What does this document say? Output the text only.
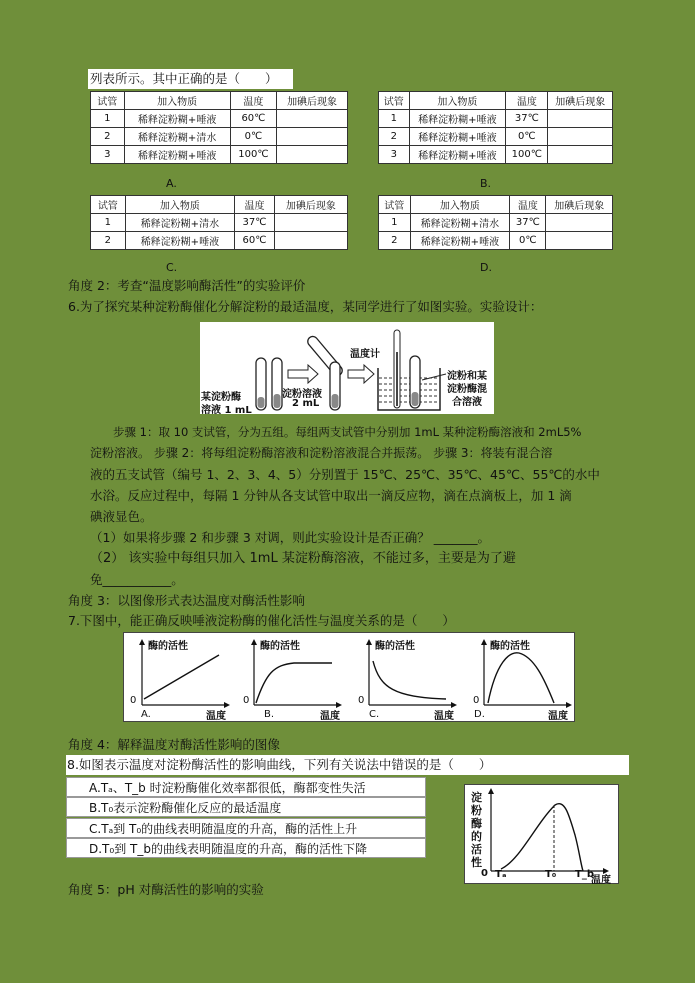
列表所示。其中正确的是（　　）
试管	加入物质	温度	加碘后现象
1	稀释淀粉糊+唾液	60℃	
2	稀释淀粉糊+清水	0℃	
3	稀释淀粉糊+唾液	100℃	
A.
试管	加入物质	温度	加碘后现象
1	稀释淀粉糊+唾液	37℃	
2	稀释淀粉糊+唾液	0℃	
3	稀释淀粉糊+唾液	100℃	
B.
试管	加入物质	温度	加碘后现象
1	稀释淀粉糊+清水	37℃	
2	稀释淀粉糊+唾液	60℃	
C.
试管	加入物质	温度	加碘后现象
1	稀释淀粉糊+清水	37℃	
2	稀释淀粉糊+唾液	0℃	
D.
角度 2：考查“温度影响酶活性”的实验评价
6.为了探究某种淀粉酶催化分解淀粉的最适温度，某同学进行了如图实验。实验设计：
某淀粉酶
溶液 1 mL
淀粉溶液
2 mL
温度计
淀粉和某
淀粉酶混
合溶液
　　步骤 1：取 10 支试管，分为五组。每组两支试管中分别加 1mL 某种淀粉酶溶液和 2mL5%
淀粉溶液。 步骤 2：将每组淀粉酶溶液和淀粉溶液混合并振荡。 步骤 3：将装有混合溶
液的五支试管（编号 1、2、3、4、5）分别置于 15℃、25℃、35℃、45℃、55℃的水中
水浴。反应过程中，每隔 1 分钟从各支试管中取出一滴反应物，滴在点滴板上，加 1 滴
碘液显色。
（1）如果将步骤 2 和步骤 3 对调，则此实验设计是否正确？ _______。
（2） 该实验中每组只加入 1mL 某淀粉酶溶液，不能过多，主要是为了避
免___________。
角度 3：以图像形式表达温度对酶活性影响
7.下图中，能正确反映唾液淀粉酶的催化活性与温度关系的是（　　）
酶的活性	酶的活性	酶的活性	酶的活性
0	0	0	0
A.	B.	C.	D.
温度	温度	温度	温度
角度 4：解释温度对酶活性影响的图像
8.如图表示温度对淀粉酶活性的影响曲线，下列有关说法中错误的是（　　）
A.Tₐ、T_b 时淀粉酶催化效率都很低，酶都变性失活
B.T₀表示淀粉酶催化反应的最适温度
C.Tₐ到 T₀的曲线表明随温度的升高，酶的活性上升
D.T₀到 T_b的曲线表明随温度的升高，酶的活性下降
淀
粉
酶
的
活
性
0 Tₐ	T₀ T_b
温度
角度 5：pH 对酶活性的影响的实验
